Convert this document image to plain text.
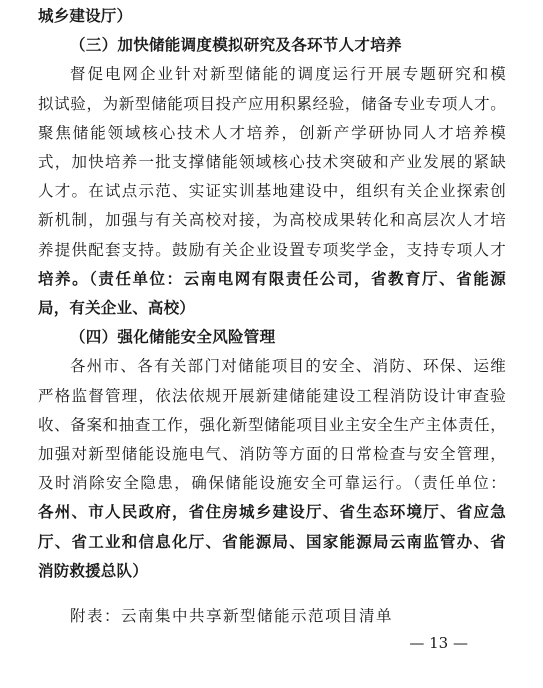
城乡建设厅）
（三）加快储能调度模拟研究及各环节人才培养
督促电网企业针对新型储能的调度运行开展专题研究和模
拟试验，为新型储能项目投产应用积累经验，储备专业专项人才。
聚焦储能领域核心技术人才培养，创新产学研协同人才培养模
式，加快培养一批支撑储能领域核心技术突破和产业发展的紧缺
人才。在试点示范、实证实训基地建设中，组织有关企业探索创
新机制，加强与有关高校对接，为高校成果转化和高层次人才培
养提供配套支持。鼓励有关企业设置专项奖学金，支持专项人才
培养。（责任单位：云南电网有限责任公司，省教育厅、省能源
局，有关企业、高校）
（四）强化储能安全风险管理
各州市、各有关部门对储能项目的安全、消防、环保、运维
严格监督管理，依法依规开展新建储能建设工程消防设计审查验
收、备案和抽查工作，强化新型储能项目业主安全生产主体责任，
加强对新型储能设施电气、消防等方面的日常检查与安全管理，
及时消除安全隐患，确保储能设施安全可靠运行。（责任单位：
各州、市人民政府，省住房城乡建设厅、省生态环境厅、省应急
厅、省工业和信息化厅、省能源局、国家能源局云南监管办、省
消防救援总队）
附表：云南集中共享新型储能示范项目清单
— 13 —
